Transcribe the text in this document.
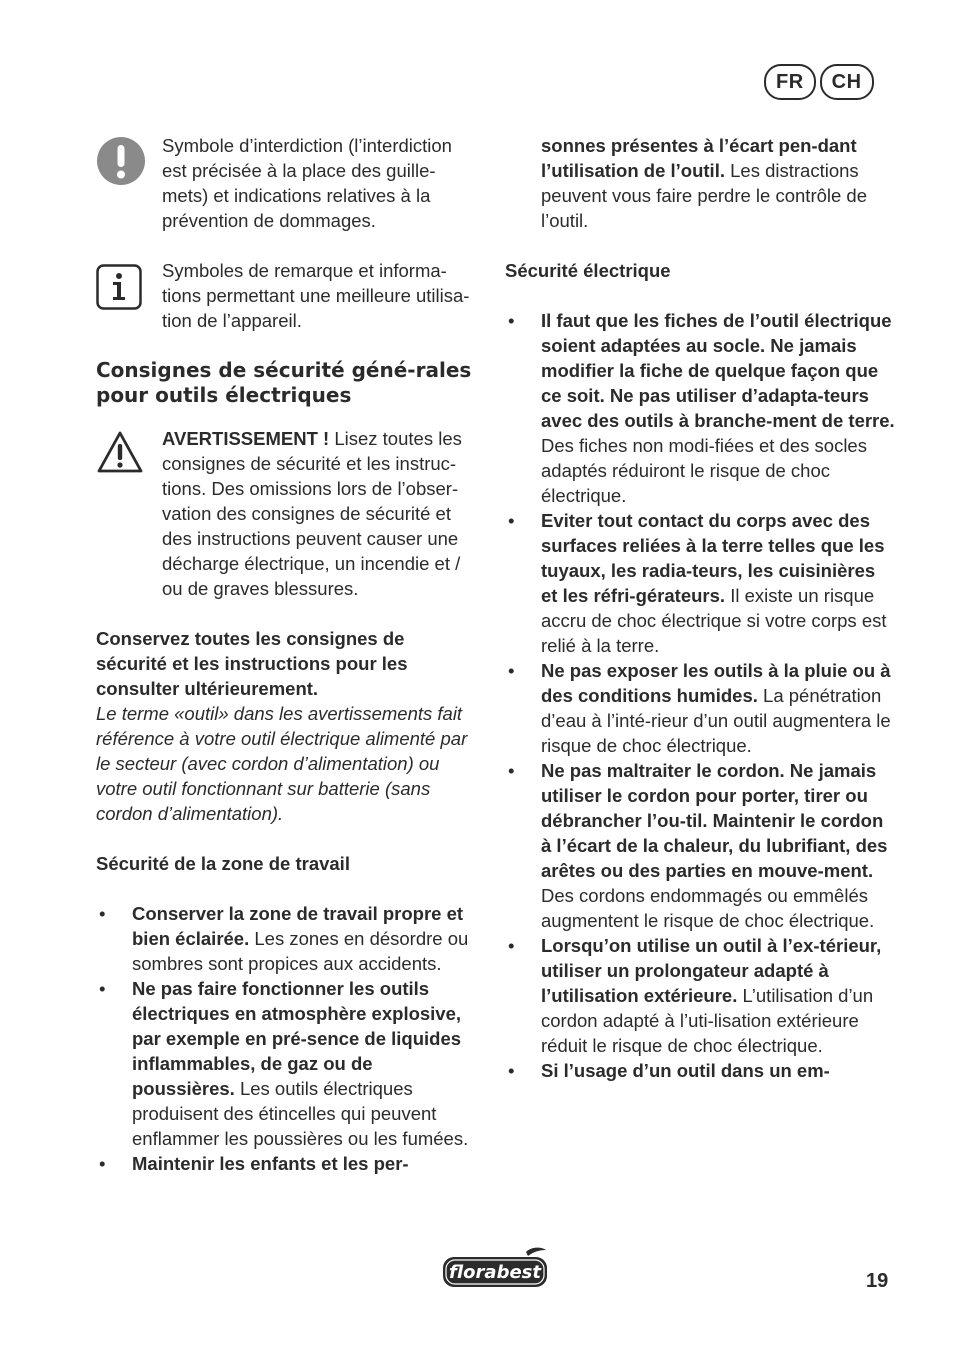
FR	CH

Symbole d’interdiction (l’interdiction est précisée à la place des guille-mets) et indications relatives à la prévention de dommages.

Symboles de remarque et informa-tions permettant une meilleure utilisa-tion de l’appareil.

Consignes de sécurité géné-rales pour outils électriques

AVERTISSEMENT ! Lisez toutes les consignes de sécurité et les instruc-tions. Des omissions lors de l’obser-vation des consignes de sécurité et des instructions peuvent causer une décharge électrique, un incendie et / ou de graves blessures.

Conservez toutes les consignes de sécurité et les instructions pour les consulter ultérieurement.

Le terme «outil» dans les avertissements fait référence à votre outil électrique alimenté par le secteur (avec cordon d’alimentation) ou votre outil fonctionnant sur batterie (sans cordon d’alimentation).

Sécurité de la zone de travail

• Conserver la zone de travail propre et bien éclairée. Les zones en désordre ou sombres sont propices aux accidents.
• Ne pas faire fonctionner les outils électriques en atmosphère explosive, par exemple en pré-sence de liquides inflammables, de gaz ou de poussières. Les outils électriques produisent des étincelles qui peuvent enflammer les poussières ou les fumées.
• Maintenir les enfants et les per-

sonnes présentes à l’écart pen-dant l’utilisation de l’outil. Les distractions peuvent vous faire perdre le contrôle de l’outil.

Sécurité électrique

• Il faut que les fiches de l’outil électrique soient adaptées au socle. Ne jamais modifier la fiche de quelque façon que ce soit. Ne pas utiliser d’adapta-teurs avec des outils à branche-ment de terre. Des fiches non modi-fiées et des socles adaptés réduiront le risque de choc électrique.
• Eviter tout contact du corps avec des surfaces reliées à la terre telles que les tuyaux, les radia-teurs, les cuisinières et les réfri-gérateurs. Il existe un risque accru de choc électrique si votre corps est relié à la terre.
• Ne pas exposer les outils à la pluie ou à des conditions humides. La pénétration d’eau à l’inté-rieur d’un outil augmentera le risque de choc électrique.
• Ne pas maltraiter le cordon. Ne jamais utiliser le cordon pour porter, tirer ou débrancher l’ou-til. Maintenir le cordon à l’écart de la chaleur, du lubrifiant, des arêtes ou des parties en mouve-ment. Des cordons endommagés ou emmêlés augmentent le risque de choc électrique.
• Lorsqu’on utilise un outil à l’ex-térieur, utiliser un prolongateur adapté à l’utilisation extérieure. L’utilisation d’un cordon adapté à l’uti-lisation extérieure réduit le risque de choc électrique.
• Si l’usage d’un outil dans un em-
florabest	19
